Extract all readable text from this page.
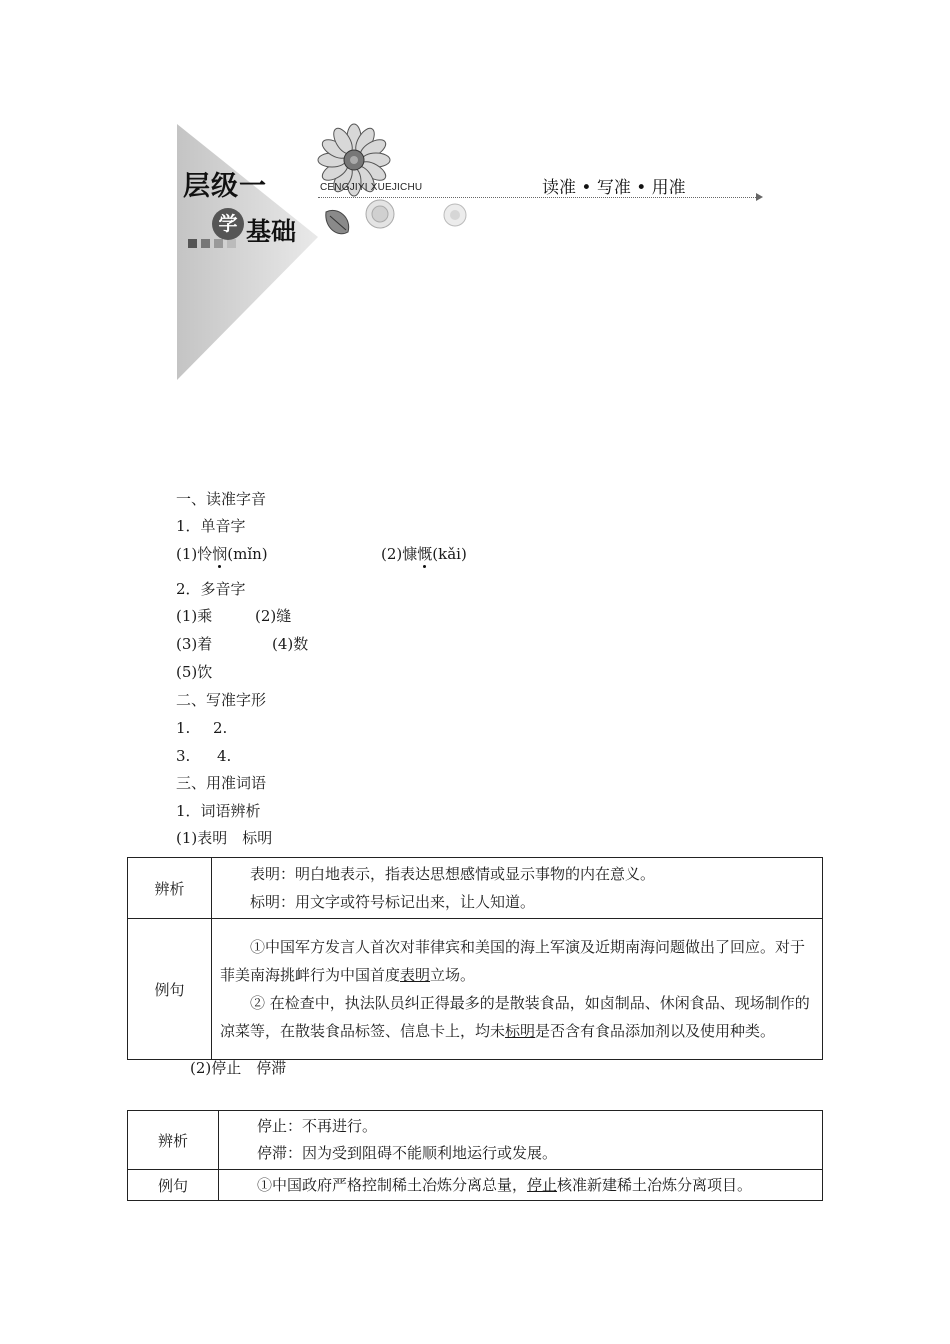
层级一
学 基础
CENGJIYI XUEJICHU	读准 • 写准 • 用准
一、读准字音
1．单音字
(1)怜悯(mǐn)	(2)慷慨(kǎi)
2．多音字
(1)乘	(2)缝
(3)着	(4)数
(5)饮
二、写准字形
1. 2.
3. 4.
三、用准词语
1．词语辨析
(1)表明　标明
辨析	表明：明白地表示，指表达思想感情或显示事物的内在意义。
标明：用文字或符号标记出来，让人知道。

例句	①中国军方发言人首次对菲律宾和美国的海上军演及近期南海问题做出了回应。对于菲美南海挑衅行为中国首度表明立场。
② 在检查中，执法队员纠正得最多的是散装食品，如卤制品、休闲食品、现场制作的凉菜等，在散装食品标签、信息卡上，均未标明是否含有食品添加剂以及使用种类。
(2)停止　停滞
辨析	停止：不再进行。
停滞：因为受到阻碍不能顺利地运行或发展。

例句	①中国政府严格控制稀土冶炼分离总量，停止核准新建稀土冶炼分离项目。
